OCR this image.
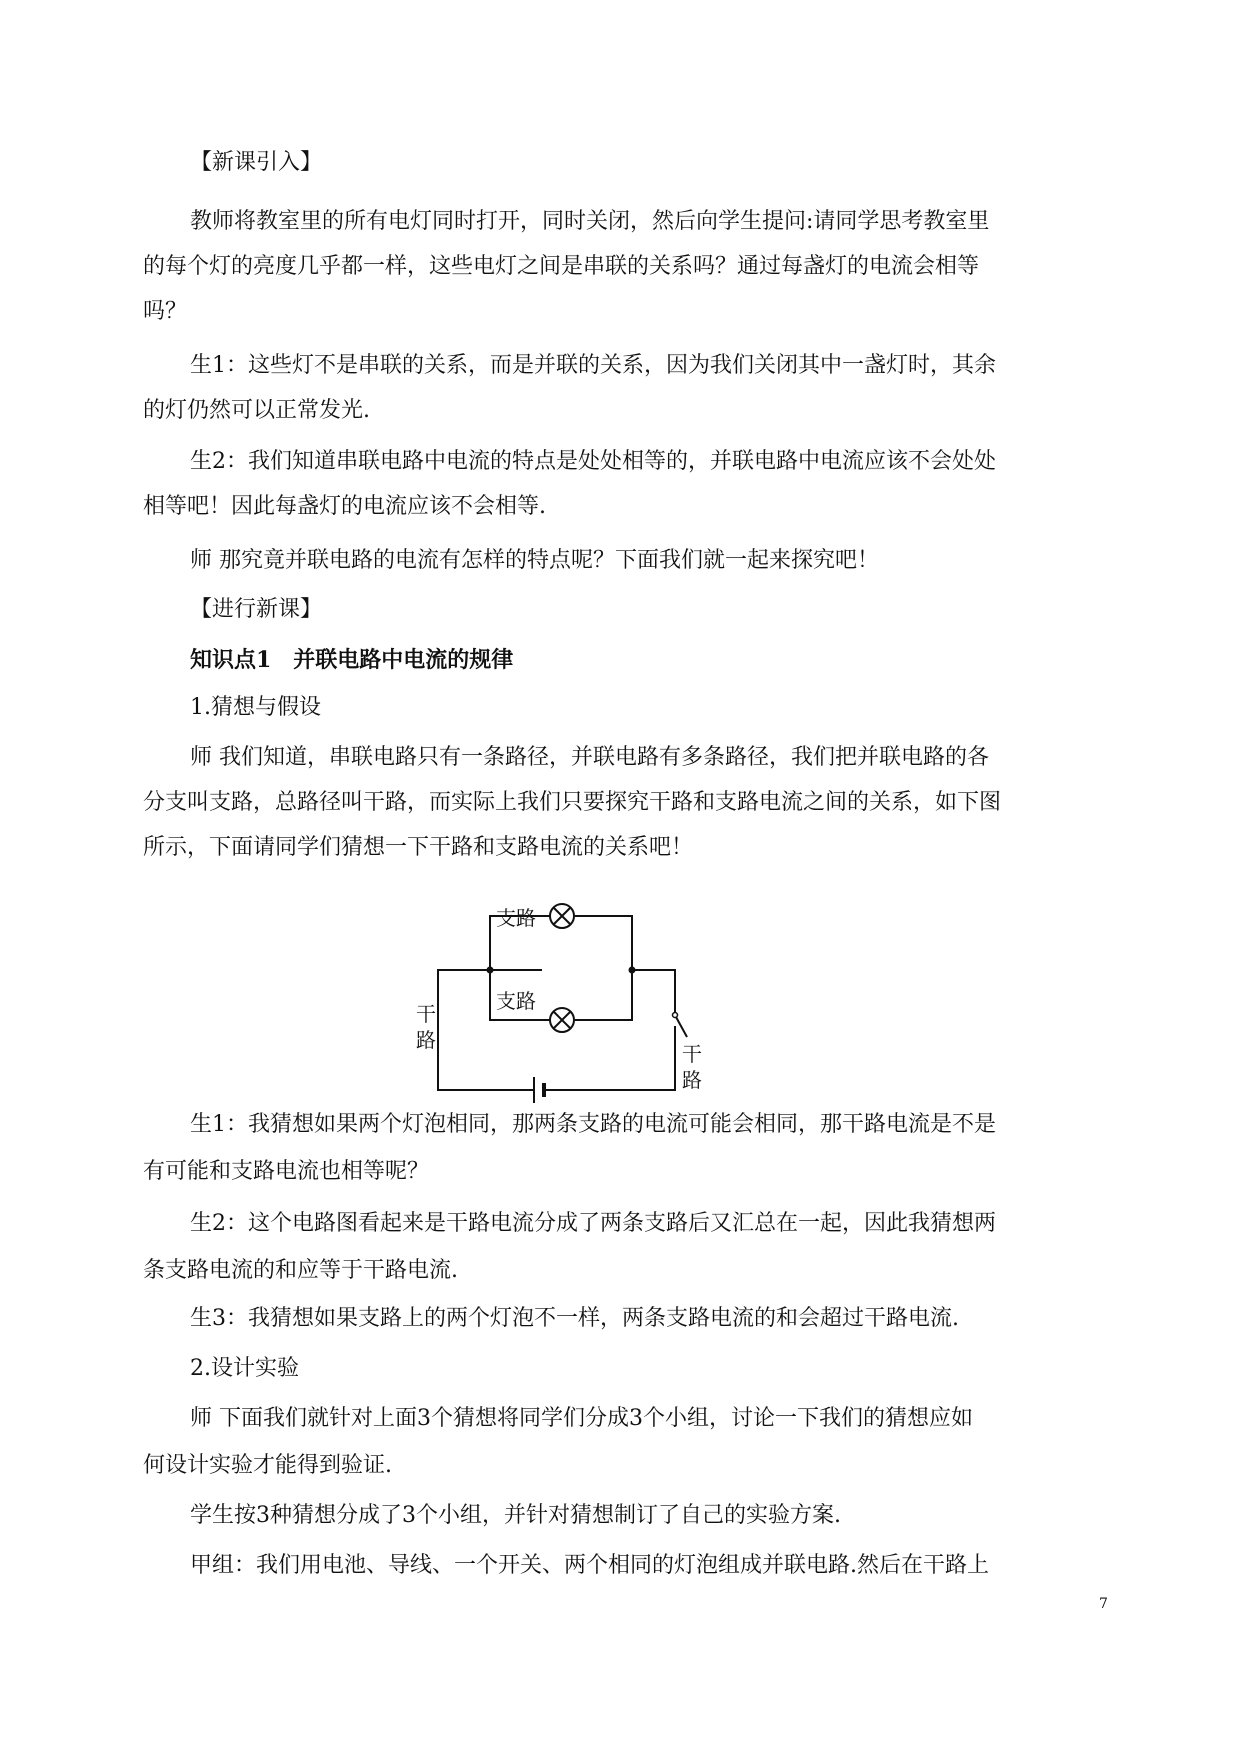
【新课引入】
教师将教室里的所有电灯同时打开，同时关闭，然后向学生提问:请同学思考教室里
的每个灯的亮度几乎都一样，这些电灯之间是串联的关系吗？通过每盏灯的电流会相等
吗？
生1：这些灯不是串联的关系，而是并联的关系，因为我们关闭其中一盏灯时，其余
的灯仍然可以正常发光.
生2：我们知道串联电路中电流的特点是处处相等的，并联电路中电流应该不会处处
相等吧！因此每盏灯的电流应该不会相等.
师 那究竟并联电路的电流有怎样的特点呢？下面我们就一起来探究吧！
【进行新课】
知识点1　并联电路中电流的规律
1.猜想与假设
师 我们知道，串联电路只有一条路径，并联电路有多条路径，我们把并联电路的各
分支叫支路，总路径叫干路，而实际上我们只要探究干路和支路电流之间的关系，如下图
所示，下面请同学们猜想一下干路和支路电流的关系吧！
生1：我猜想如果两个灯泡相同，那两条支路的电流可能会相同，那干路电流是不是
有可能和支路电流也相等呢？
生2：这个电路图看起来是干路电流分成了两条支路后又汇总在一起，因此我猜想两
条支路电流的和应等于干路电流.
生3：我猜想如果支路上的两个灯泡不一样，两条支路电流的和会超过干路电流.
2.设计实验
师 下面我们就针对上面3个猜想将同学们分成3个小组，讨论一下我们的猜想应如
何设计实验才能得到验证.
学生按3种猜想分成了3个小组，并针对猜想制订了自己的实验方案.
甲组：我们用电池、导线、一个开关、两个相同的灯泡组成并联电路.然后在干路上
支路
支路
干
路
干
路
7
